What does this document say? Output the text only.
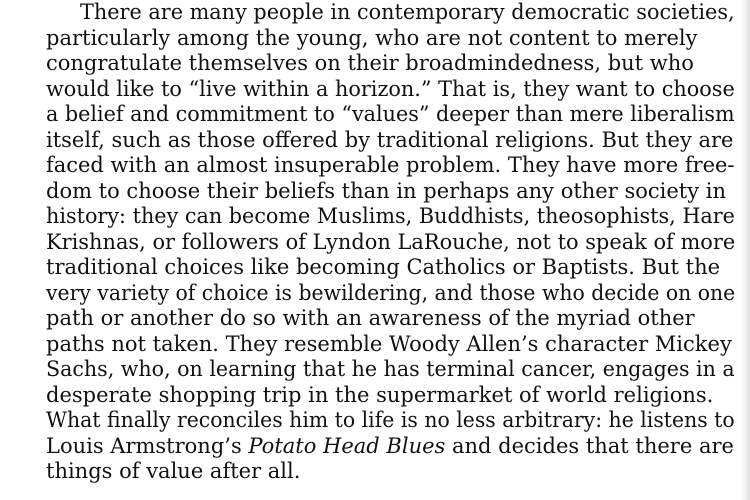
There are many people in contemporary democratic societies,
particularly among the young, who are not content to merely
congratulate themselves on their broadmindedness, but who
would like to “live within a horizon.” That is, they want to choose
a belief and commitment to “values” deeper than mere liberalism
itself, such as those offered by traditional religions. But they are
faced with an almost insuperable problem. They have more free-
dom to choose their beliefs than in perhaps any other society in
history: they can become Muslims, Buddhists, theosophists, Hare
Krishnas, or followers of Lyndon LaRouche, not to speak of more
traditional choices like becoming Catholics or Baptists. But the
very variety of choice is bewildering, and those who decide on one
path or another do so with an awareness of the myriad other
paths not taken. They resemble Woody Allen’s character Mickey
Sachs, who, on learning that he has terminal cancer, engages in a
desperate shopping trip in the supermarket of world religions.
What finally reconciles him to life is no less arbitrary: he listens to
Louis Armstrong’s Potato Head Blues and decides that there are
things of value after all.
